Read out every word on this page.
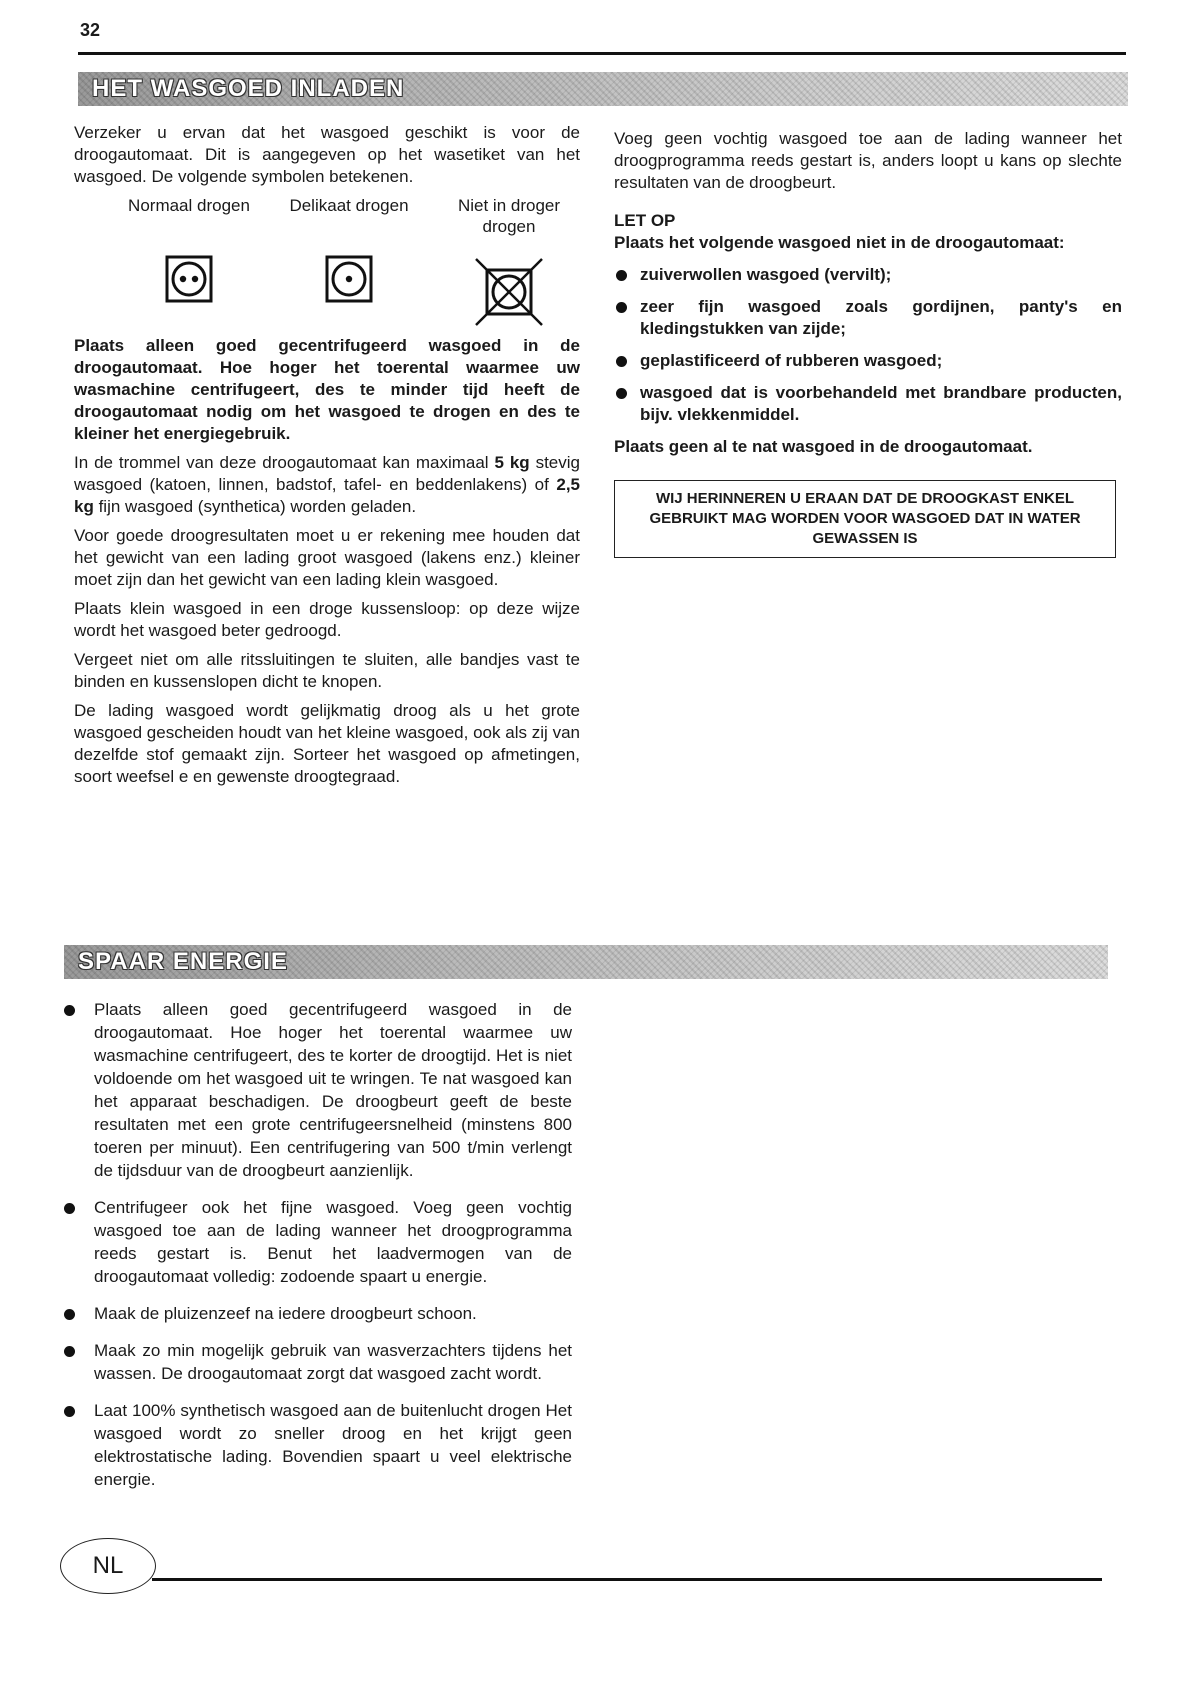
32
HET WASGOED INLADEN

Verzeker u ervan dat het wasgoed geschikt is voor de droogautomaat. Dit is aangegeven op het wasetiket van het wasgoed. De volgende symbolen betekenen.

Normaal drogen	Delikaat drogen	Niet in droger drogen

Plaats alleen goed gecentrifugeerd wasgoed in de droogautomaat. Hoe hoger het toerental waarmee uw wasmachine centrifugeert, des te minder tijd heeft de droogautomaat nodig om het wasgoed te drogen en des te kleiner het energiegebruik.

In de trommel van deze droogautomaat kan maximaal 5 kg stevig wasgoed (katoen, linnen, badstof, tafel- en beddenlakens) of 2,5 kg fijn wasgoed (synthetica) worden geladen.

Voor goede droogresultaten moet u er rekening mee houden dat het gewicht van een lading groot wasgoed (lakens enz.) kleiner moet zijn dan het gewicht van een lading klein wasgoed.

Plaats klein wasgoed in een droge kussensloop: op deze wijze wordt het wasgoed beter gedroogd.

Vergeet niet om alle ritssluitingen te sluiten, alle bandjes vast te binden en kussenslopen dicht te knopen.

De lading wasgoed wordt gelijkmatig droog als u het grote wasgoed gescheiden houdt van het kleine wasgoed, ook als zij van dezelfde stof gemaakt zijn. Sorteer het wasgoed op afmetingen, soort weefsel e en gewenste droogtegraad.

Voeg geen vochtig wasgoed toe aan de lading wanneer het droogprogramma reeds gestart is, anders loopt u kans op slechte resultaten van de droogbeurt.

LET OP
Plaats het volgende wasgoed niet in de droogautomaat:
zuiverwollen wasgoed (vervilt);
zeer fijn wasgoed zoals gordijnen, panty's en kledingstukken van zijde;
geplastificeerd of rubberen wasgoed;
wasgoed dat is voorbehandeld met brandbare producten, bijv. vlekkenmiddel.
Plaats geen al te nat wasgoed in de droogautomaat.
WIJ HERINNEREN U ERAAN DAT DE DROOGKAST ENKEL GEBRUIKT MAG WORDEN VOOR WASGOED DAT IN WATER GEWASSEN IS
SPAAR ENERGIE
Plaats alleen goed gecentrifugeerd wasgoed in de droogautomaat. Hoe hoger het toerental waarmee uw wasmachine centrifugeert, des te korter de droogtijd. Het is niet voldoende om het wasgoed uit te wringen. Te nat wasgoed kan het apparaat beschadigen. De droogbeurt geeft de beste resultaten met een grote centrifugeersnelheid (minstens 800 toeren per minuut). Een centrifugering van 500 t/min verlengt de tijdsduur van de droogbeurt aanzienlijk.
Centrifugeer ook het fijne wasgoed. Voeg geen vochtig wasgoed toe aan de lading wanneer het droogprogramma reeds gestart is. Benut het laadvermogen van de droogautomaat volledig: zodoende spaart u energie.
Maak de pluizenzeef na iedere droogbeurt schoon.
Maak zo min mogelijk gebruik van wasverzachters tijdens het wassen. De droogautomaat zorgt dat wasgoed zacht wordt.
Laat 100% synthetisch wasgoed aan de buitenlucht drogen Het wasgoed wordt zo sneller droog en het krijgt geen elektrostatische lading. Bovendien spaart u veel elektrische energie.
NL
